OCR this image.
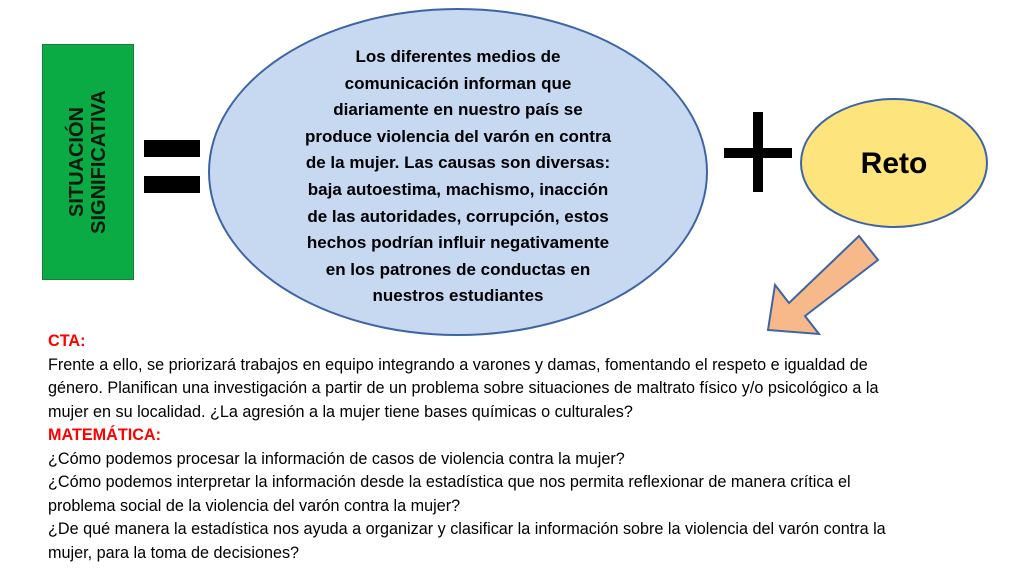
SITUACIÓN SIGNIFICATIVA
Los diferentes medios de
comunicación informan que
diariamente en nuestro país se
produce violencia del varón en contra
de la mujer. Las causas son diversas:
baja autoestima, machismo, inacción
de las autoridades, corrupción, estos
hechos podrían influir negativamente
en los patrones de conductas en
nuestros estudiantes
Reto

CTA:

Frente a ello, se priorizará trabajos en equipo integrando a varones y damas, fomentando el respeto e igualdad de

género. Planifican una investigación a partir de un problema sobre situaciones de maltrato físico y/o psicológico a la

mujer en su localidad. ¿La agresión a la mujer tiene bases químicas o culturales?

MATEMÁTICA:

¿Cómo podemos procesar la información de casos de violencia contra la mujer?

¿Cómo podemos interpretar la información desde la estadística que nos permita reflexionar de manera crítica el

problema social de la violencia del varón contra la mujer?

¿De qué manera la estadística nos ayuda a organizar y clasificar la información sobre la violencia del varón contra la

mujer, para la toma de decisiones?
